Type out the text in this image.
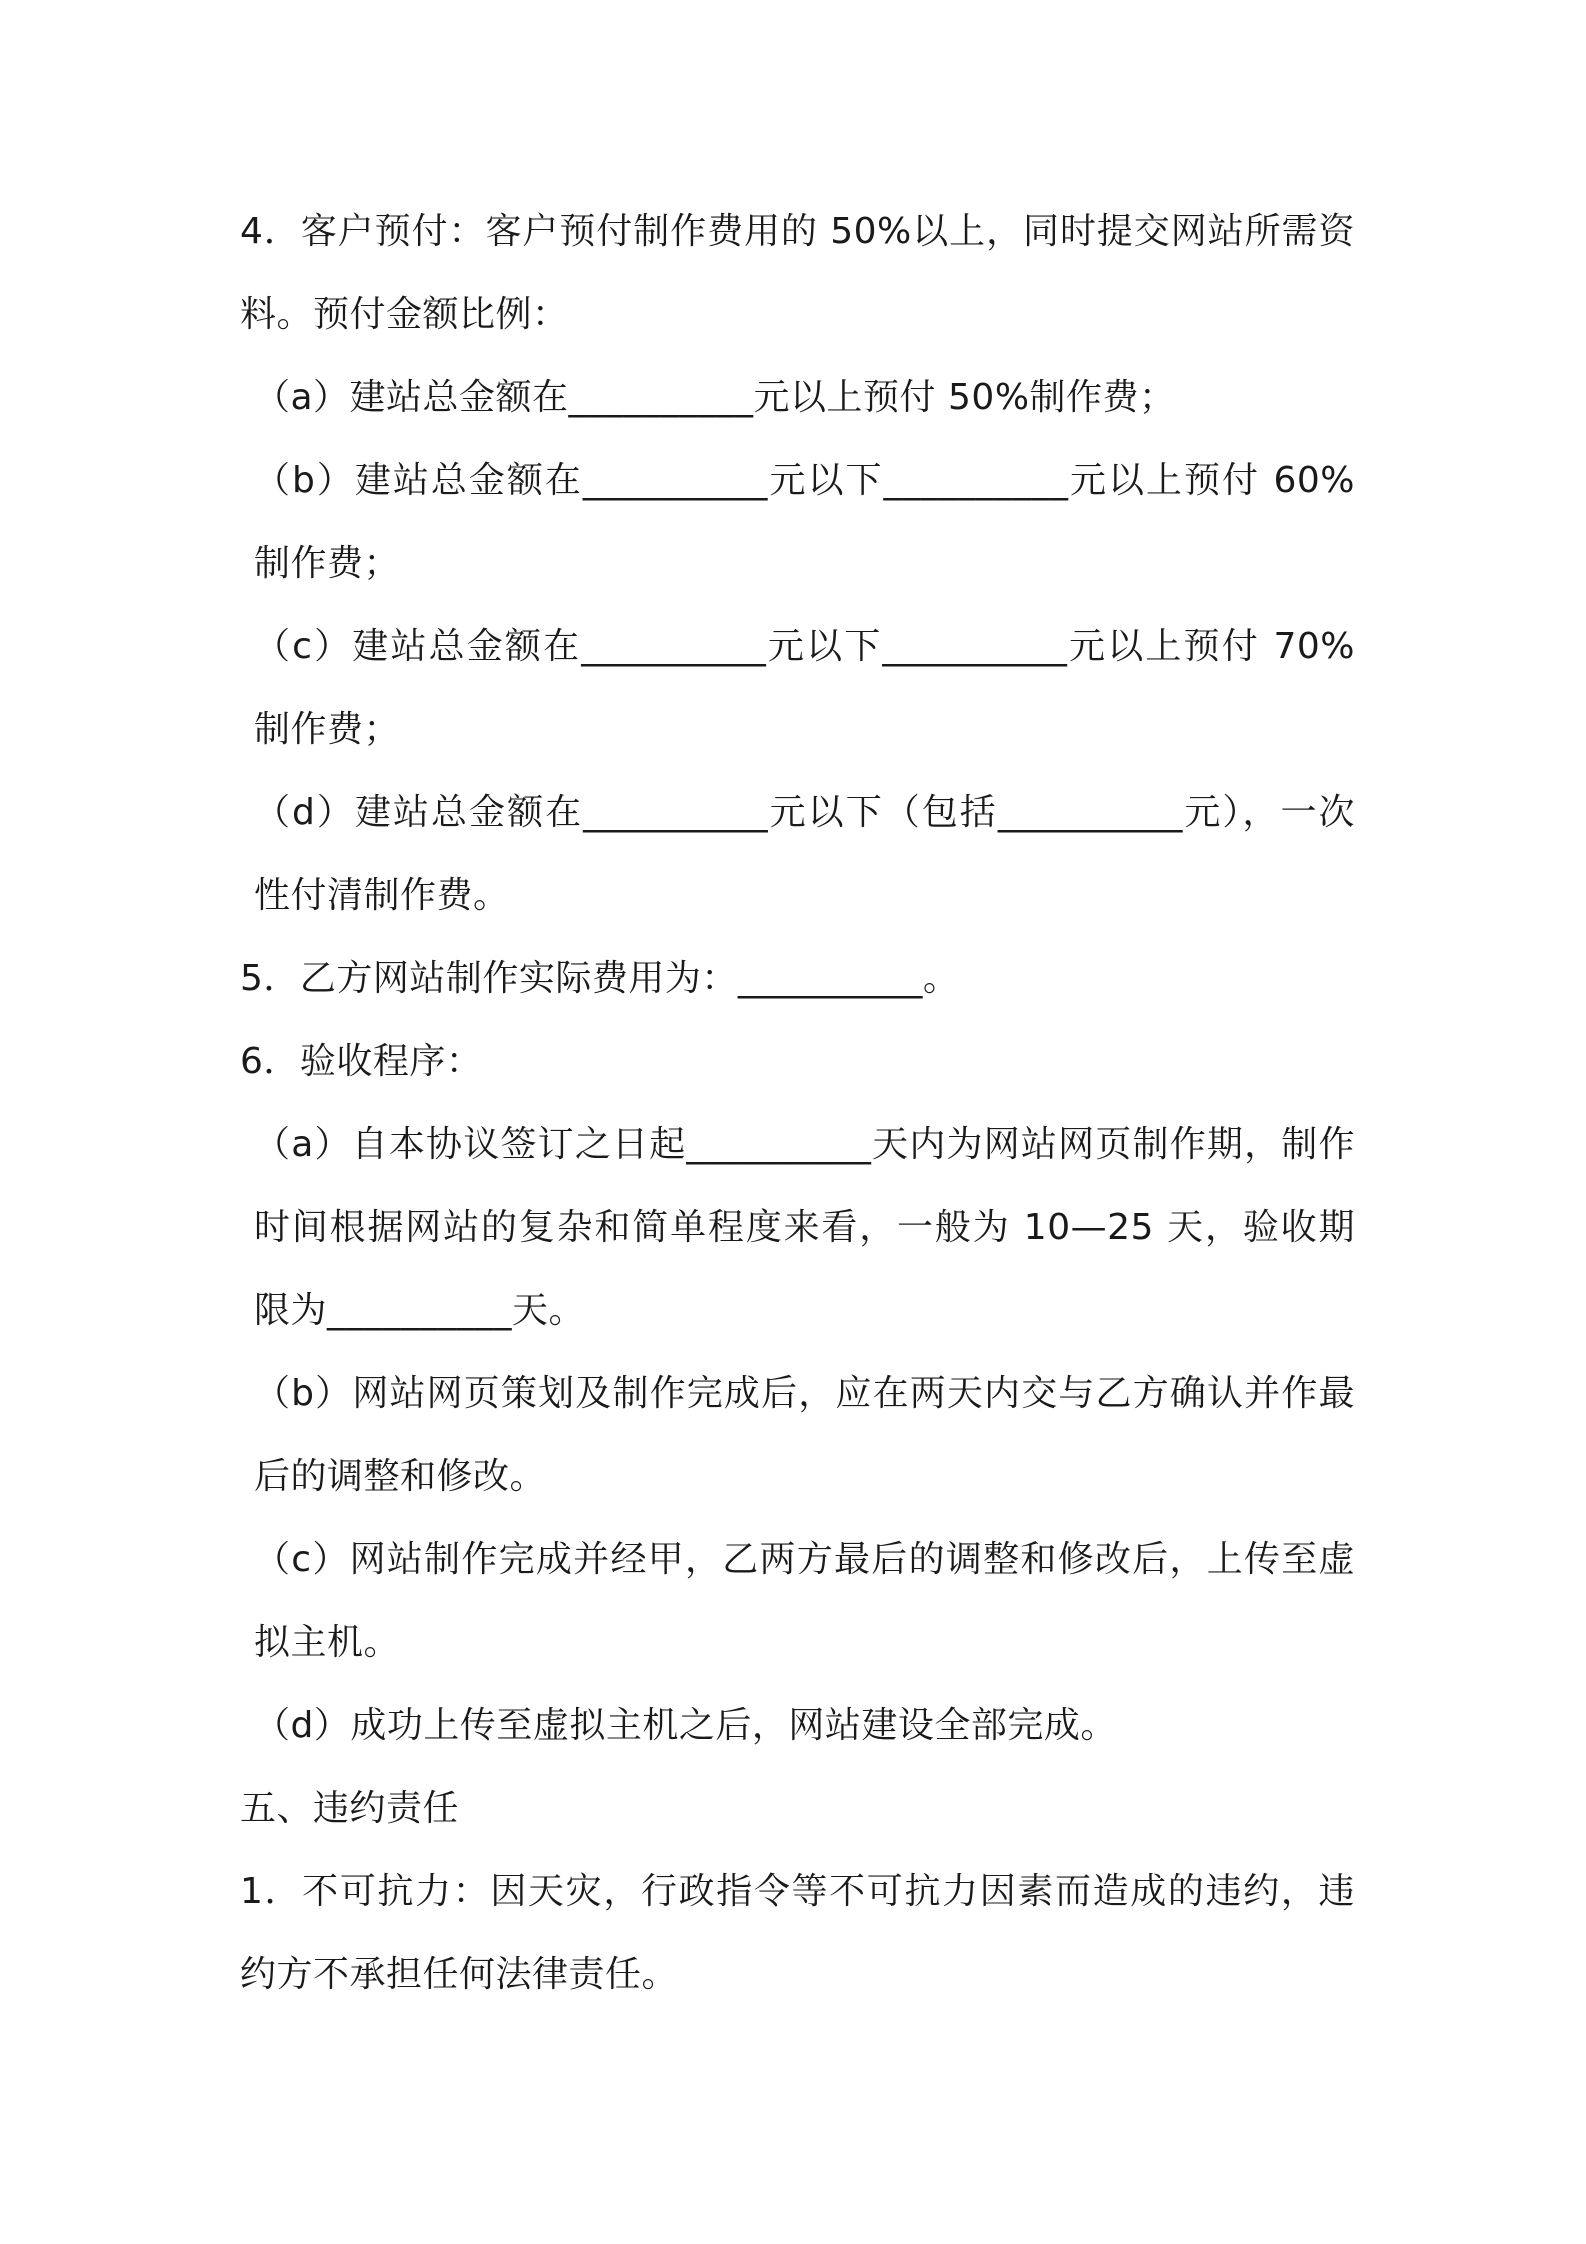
4．客户预付：客户预付制作费用的 50%以上，同时提交网站所需资料。预付金额比例：

（a）建站总金额在__________元以上预付 50%制作费；

（b）建站总金额在__________元以下__________元以上预付 60%制作费；

（c）建站总金额在__________元以下__________元以上预付 70%制作费；

（d）建站总金额在__________元以下（包括__________元），一次性付清制作费。

5．乙方网站制作实际费用为：__________。

6．验收程序：

（a）自本协议签订之日起__________天内为网站网页制作期，制作时间根据网站的复杂和简单程度来看，一般为 10—25 天，验收期限为__________天。

（b）网站网页策划及制作完成后，应在两天内交与乙方确认并作最后的调整和修改。

（c）网站制作完成并经甲，乙两方最后的调整和修改后，上传至虚拟主机。

（d）成功上传至虚拟主机之后，网站建设全部完成。

五、违约责任

1．不可抗力：因天灾，行政指令等不可抗力因素而造成的违约，违约方不承担任何法律责任。
